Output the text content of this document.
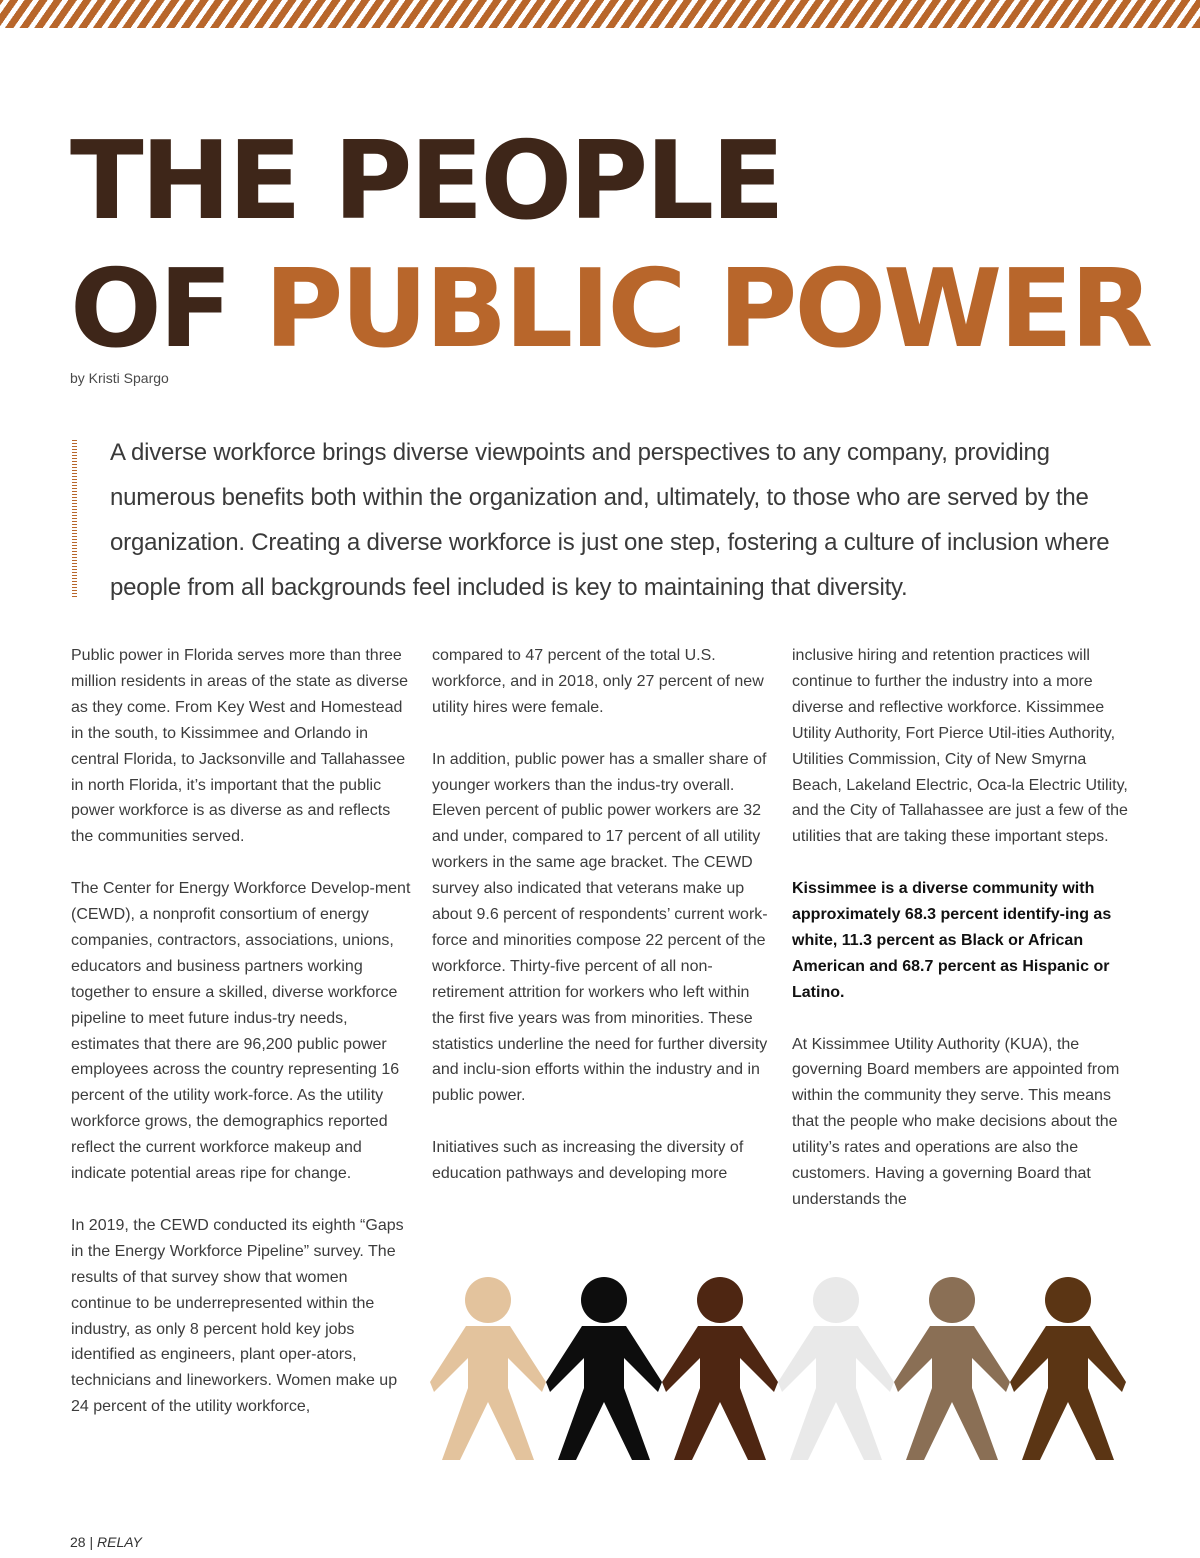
THE PEOPLE
OF PUBLIC POWER
by Kristi Spargo

A diverse workforce brings diverse viewpoints and perspectives to any company, providing numerous benefits both within the organization and, ultimately, to those who are served by the organization. Creating a diverse workforce is just one step, fostering a culture of inclusion where people from all backgrounds feel included is key to maintaining that diversity.

Public power in Florida serves more than three million residents in areas of the state as diverse as they come. From Key West and Homestead in the south, to Kissimmee and Orlando in central Florida, to Jacksonville and Tallahassee in north Florida, it’s important that the public power workforce is as diverse as and reflects the communities served.

The Center for Energy Workforce Develop-ment (CEWD), a nonprofit consortium of energy companies, contractors, associations, unions, educators and business partners working together to ensure a skilled, diverse workforce pipeline to meet future indus-try needs, estimates that there are 96,200 public power employees across the country representing 16 percent of the utility work-force. As the utility workforce grows, the demographics reported reflect the current workforce makeup and indicate potential areas ripe for change.

In 2019, the CEWD conducted its eighth “Gaps in the Energy Workforce Pipeline” survey. The results of that survey show that women continue to be underrepresented within the industry, as only 8 percent hold key jobs identified as engineers, plant oper-ators, technicians and lineworkers. Women make up 24 percent of the utility workforce,

compared to 47 percent of the total U.S. workforce, and in 2018, only 27 percent of new utility hires were female.

In addition, public power has a smaller share of younger workers than the indus-try overall. Eleven percent of public power workers are 32 and under, compared to 17 percent of all utility workers in the same age bracket. The CEWD survey also indicated that veterans make up about 9.6 percent of respondents’ current work-force and minorities compose 22 percent of the workforce. Thirty-five percent of all non-retirement attrition for workers who left within the first five years was from minorities. These statistics underline the need for further diversity and inclu-sion efforts within the industry and in public power.

Initiatives such as increasing the diversity of education pathways and developing more

inclusive hiring and retention practices will continue to further the industry into a more diverse and reflective workforce. Kissimmee Utility Authority, Fort Pierce Util-ities Authority, Utilities Commission, City of New Smyrna Beach, Lakeland Electric, Oca-la Electric Utility, and the City of Tallahassee are just a few of the utilities that are taking these important steps.

Kissimmee is a diverse community with approximately 68.3 percent identify-ing as white, 11.3 percent as Black or African American and 68.7 percent as Hispanic or Latino.

At Kissimmee Utility Authority (KUA), the governing Board members are appointed from within the community they serve. This means that the people who make decisions about the utility’s rates and operations are also the customers. Having a governing Board that understands the

28 | RELAY
